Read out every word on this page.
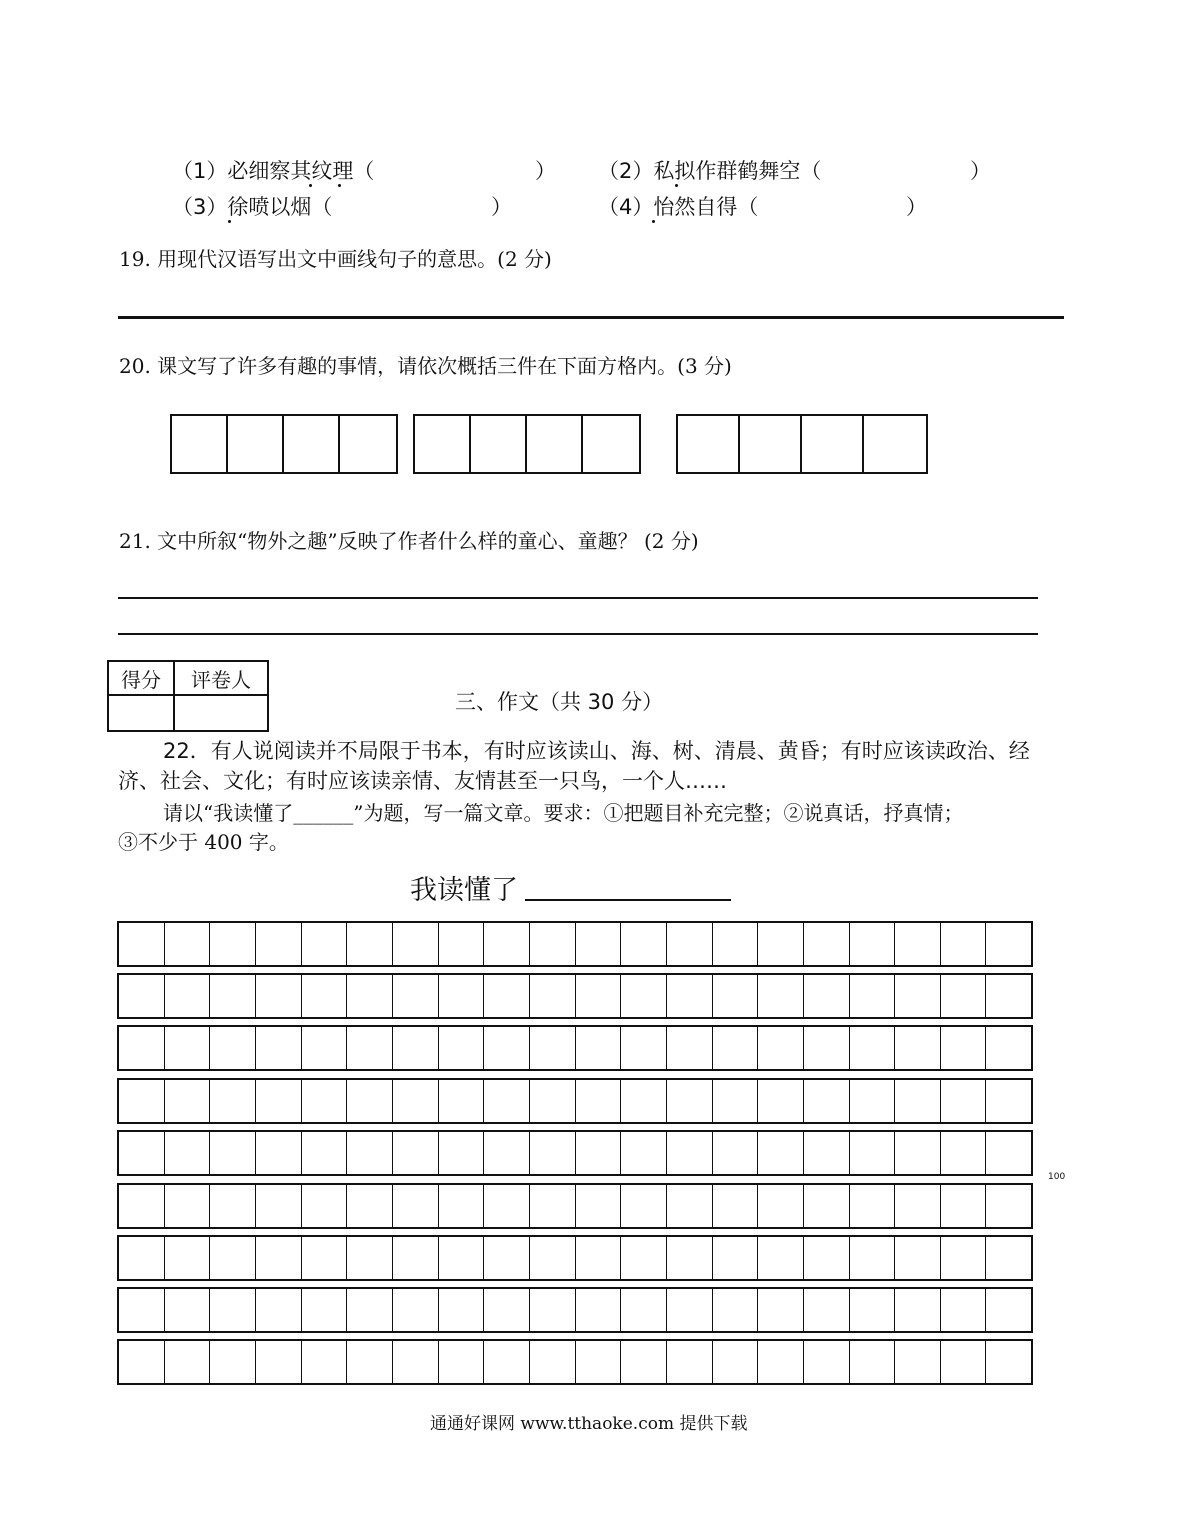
（1）必细察其纹理（	） （2）私拟作群鹤舞空（	）
（3）徐喷以烟（	）	（4）怡然自得（	）
19. 用现代汉语写出文中画线句子的意思。(2 分)
20. 课文写了许多有趣的事情，请依次概括三件在下面方格内。(3 分)
21. 文中所叙“物外之趣”反映了作者什么样的童心、童趣？ (2 分)
得分	评卷人

三、作文（共 30 分）
22．有人说阅读并不局限于书本，有时应该读山、海、树、清晨、黄昏；有时应该读政治、经
济、社会、文化；有时应该读亲情、友情甚至一只鸟，一个人……
请以“我读懂了______”为题，写一篇文章。要求：①把题目补充完整；②说真话，抒真情；
③不少于 400 字。
我读懂了
100
通通好课网 www.tthaoke.com 提供下载
